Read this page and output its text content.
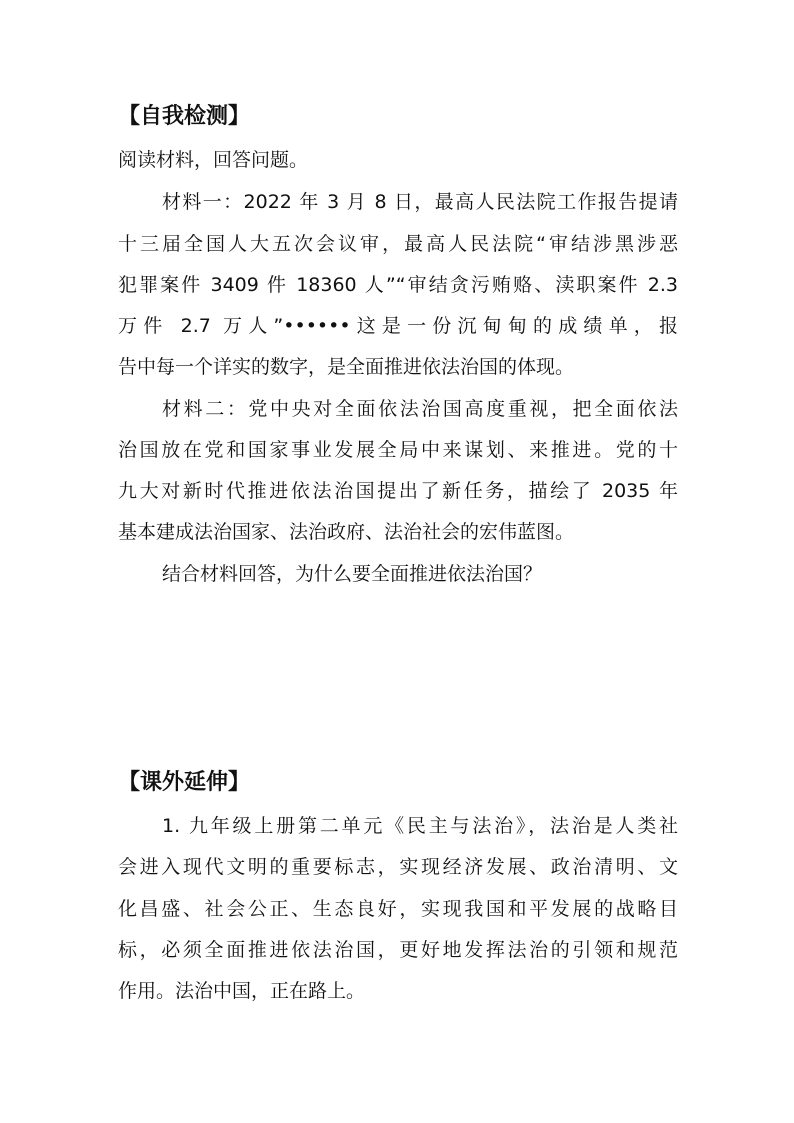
【自我检测】
阅读材料，回答问题。
材料一：2022 年 3 月 8 日，最高人民法院工作报告提请
十三届全国人大五次会议审，最高人民法院“审结涉黑涉恶
犯罪案件 3409 件 18360 人”“审结贪污贿赂、渎职案件 2.3
万件 2.7 万人”••••••这是一份沉甸甸的成绩单，报
告中每一个详实的数字，是全面推进依法治国的体现。
材料二：党中央对全面依法治国高度重视，把全面依法
治国放在党和国家事业发展全局中来谋划、来推进。党的十
九大对新时代推进依法治国提出了新任务，描绘了 2035 年
基本建成法治国家、法治政府、法治社会的宏伟蓝图。
结合材料回答，为什么要全面推进依法治国？
【课外延伸】
1. 九年级上册第二单元《民主与法治》，法治是人类社
会进入现代文明的重要标志，实现经济发展、政治清明、文
化昌盛、社会公正、生态良好，实现我国和平发展的战略目
标，必须全面推进依法治国，更好地发挥法治的引领和规范
作用。法治中国，正在路上。
